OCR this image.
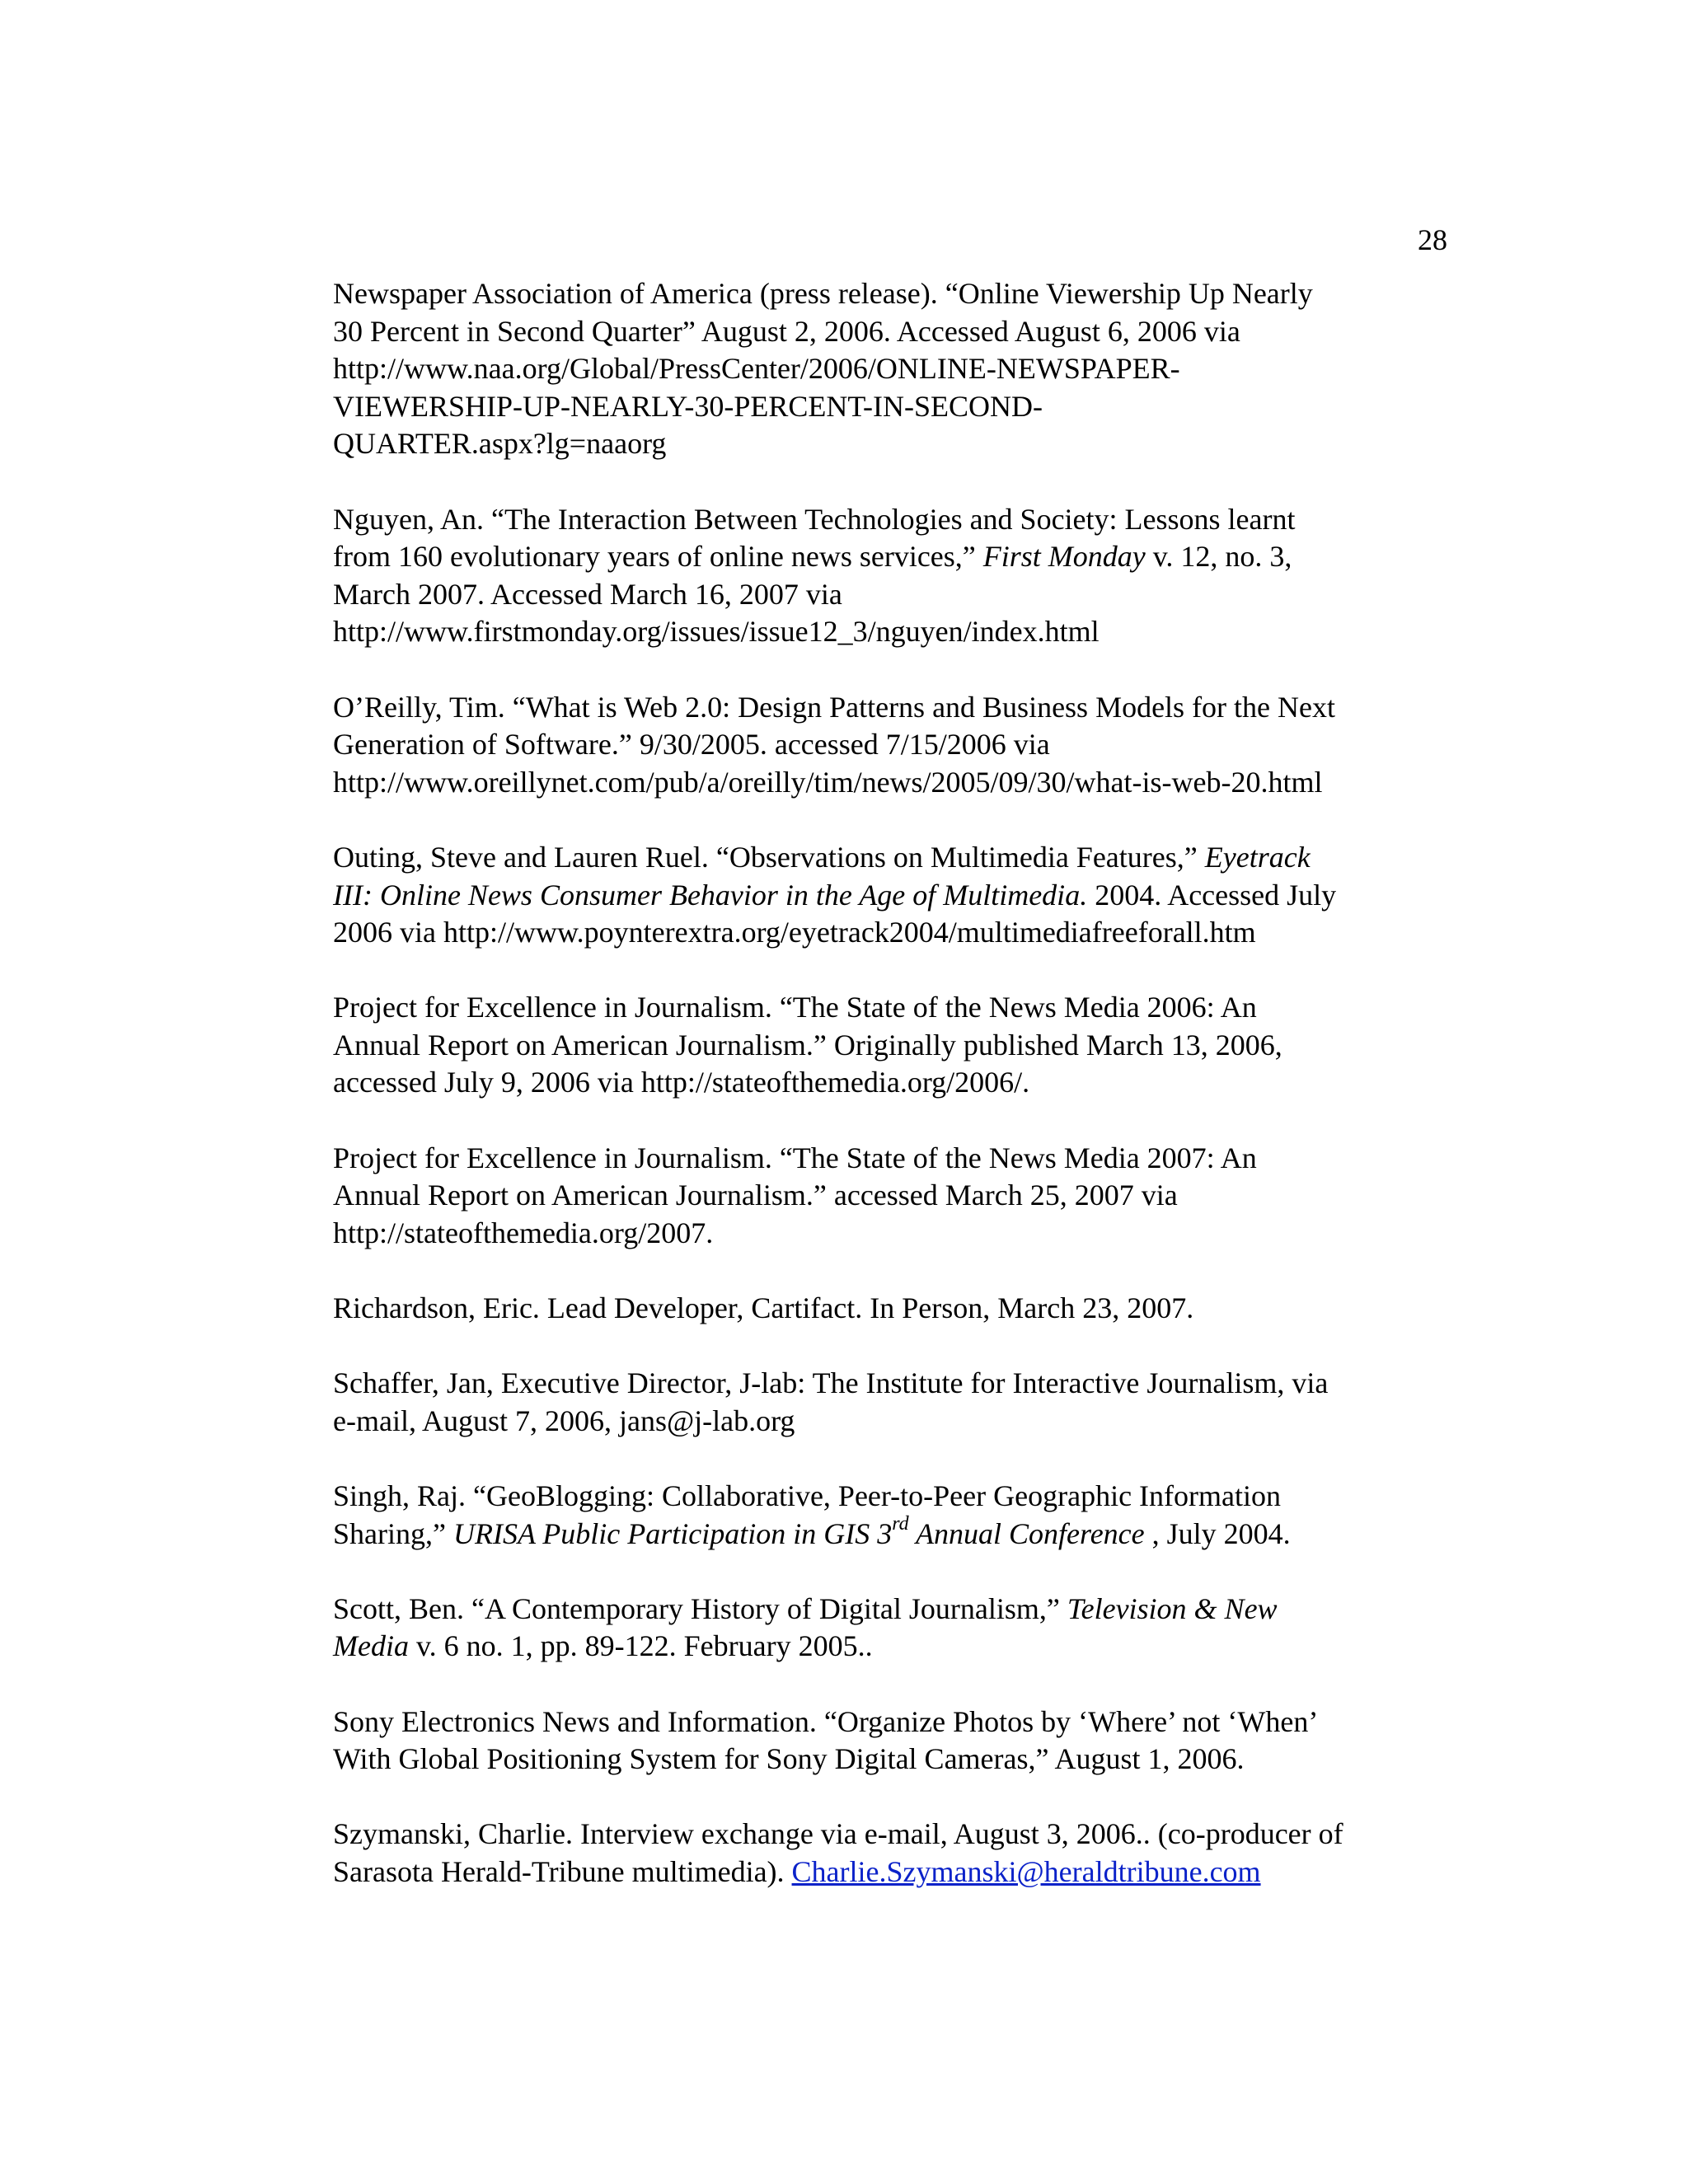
28
Newspaper Association of America (press release). “Online Viewership Up Nearly
30 Percent in Second Quarter” August 2, 2006. Accessed August 6, 2006 via
http://www.naa.org/Global/PressCenter/2006/ONLINE-NEWSPAPER-
VIEWERSHIP-UP-NEARLY-30-PERCENT-IN-SECOND-
QUARTER.aspx?lg=naaorg
Nguyen, An. “The Interaction Between Technologies and Society: Lessons learnt
from 160 evolutionary years of online news services,” First Monday v. 12, no. 3,
March 2007. Accessed March 16, 2007 via
http://www.firstmonday.org/issues/issue12_3/nguyen/index.html
O’Reilly, Tim. “What is Web 2.0: Design Patterns and Business Models for the Next
Generation of Software.” 9/30/2005. accessed 7/15/2006 via
http://www.oreillynet.com/pub/a/oreilly/tim/news/2005/09/30/what-is-web-20.html
Outing, Steve and Lauren Ruel. “Observations on Multimedia Features,” Eyetrack
III: Online News Consumer Behavior in the Age of Multimedia. 2004. Accessed July
2006 via http://www.poynterextra.org/eyetrack2004/multimediafreeforall.htm
Project for Excellence in Journalism. “The State of the News Media 2006: An
Annual Report on American Journalism.” Originally published March 13, 2006,
accessed July 9, 2006 via http://stateofthemedia.org/2006/.
Project for Excellence in Journalism. “The State of the News Media 2007: An
Annual Report on American Journalism.” accessed March 25, 2007 via
http://stateofthemedia.org/2007.
Richardson, Eric. Lead Developer, Cartifact. In Person, March 23, 2007.
Schaffer, Jan, Executive Director, J-lab: The Institute for Interactive Journalism, via
e-mail, August 7, 2006, jans@j-lab.org
Singh, Raj. “GeoBlogging: Collaborative, Peer-to-Peer Geographic Information
Sharing,” URISA Public Participation in GIS 3rd Annual Conference , July 2004.
Scott, Ben. “A Contemporary History of Digital Journalism,” Television & New
Media v. 6 no. 1, pp. 89-122. February 2005..
Sony Electronics News and Information. “Organize Photos by ‘Where’ not ‘When’
With Global Positioning System for Sony Digital Cameras,” August 1, 2006.
Szymanski, Charlie. Interview exchange via e-mail, August 3, 2006.. (co-producer of
Sarasota Herald-Tribune multimedia). Charlie.Szymanski@heraldtribune.com
